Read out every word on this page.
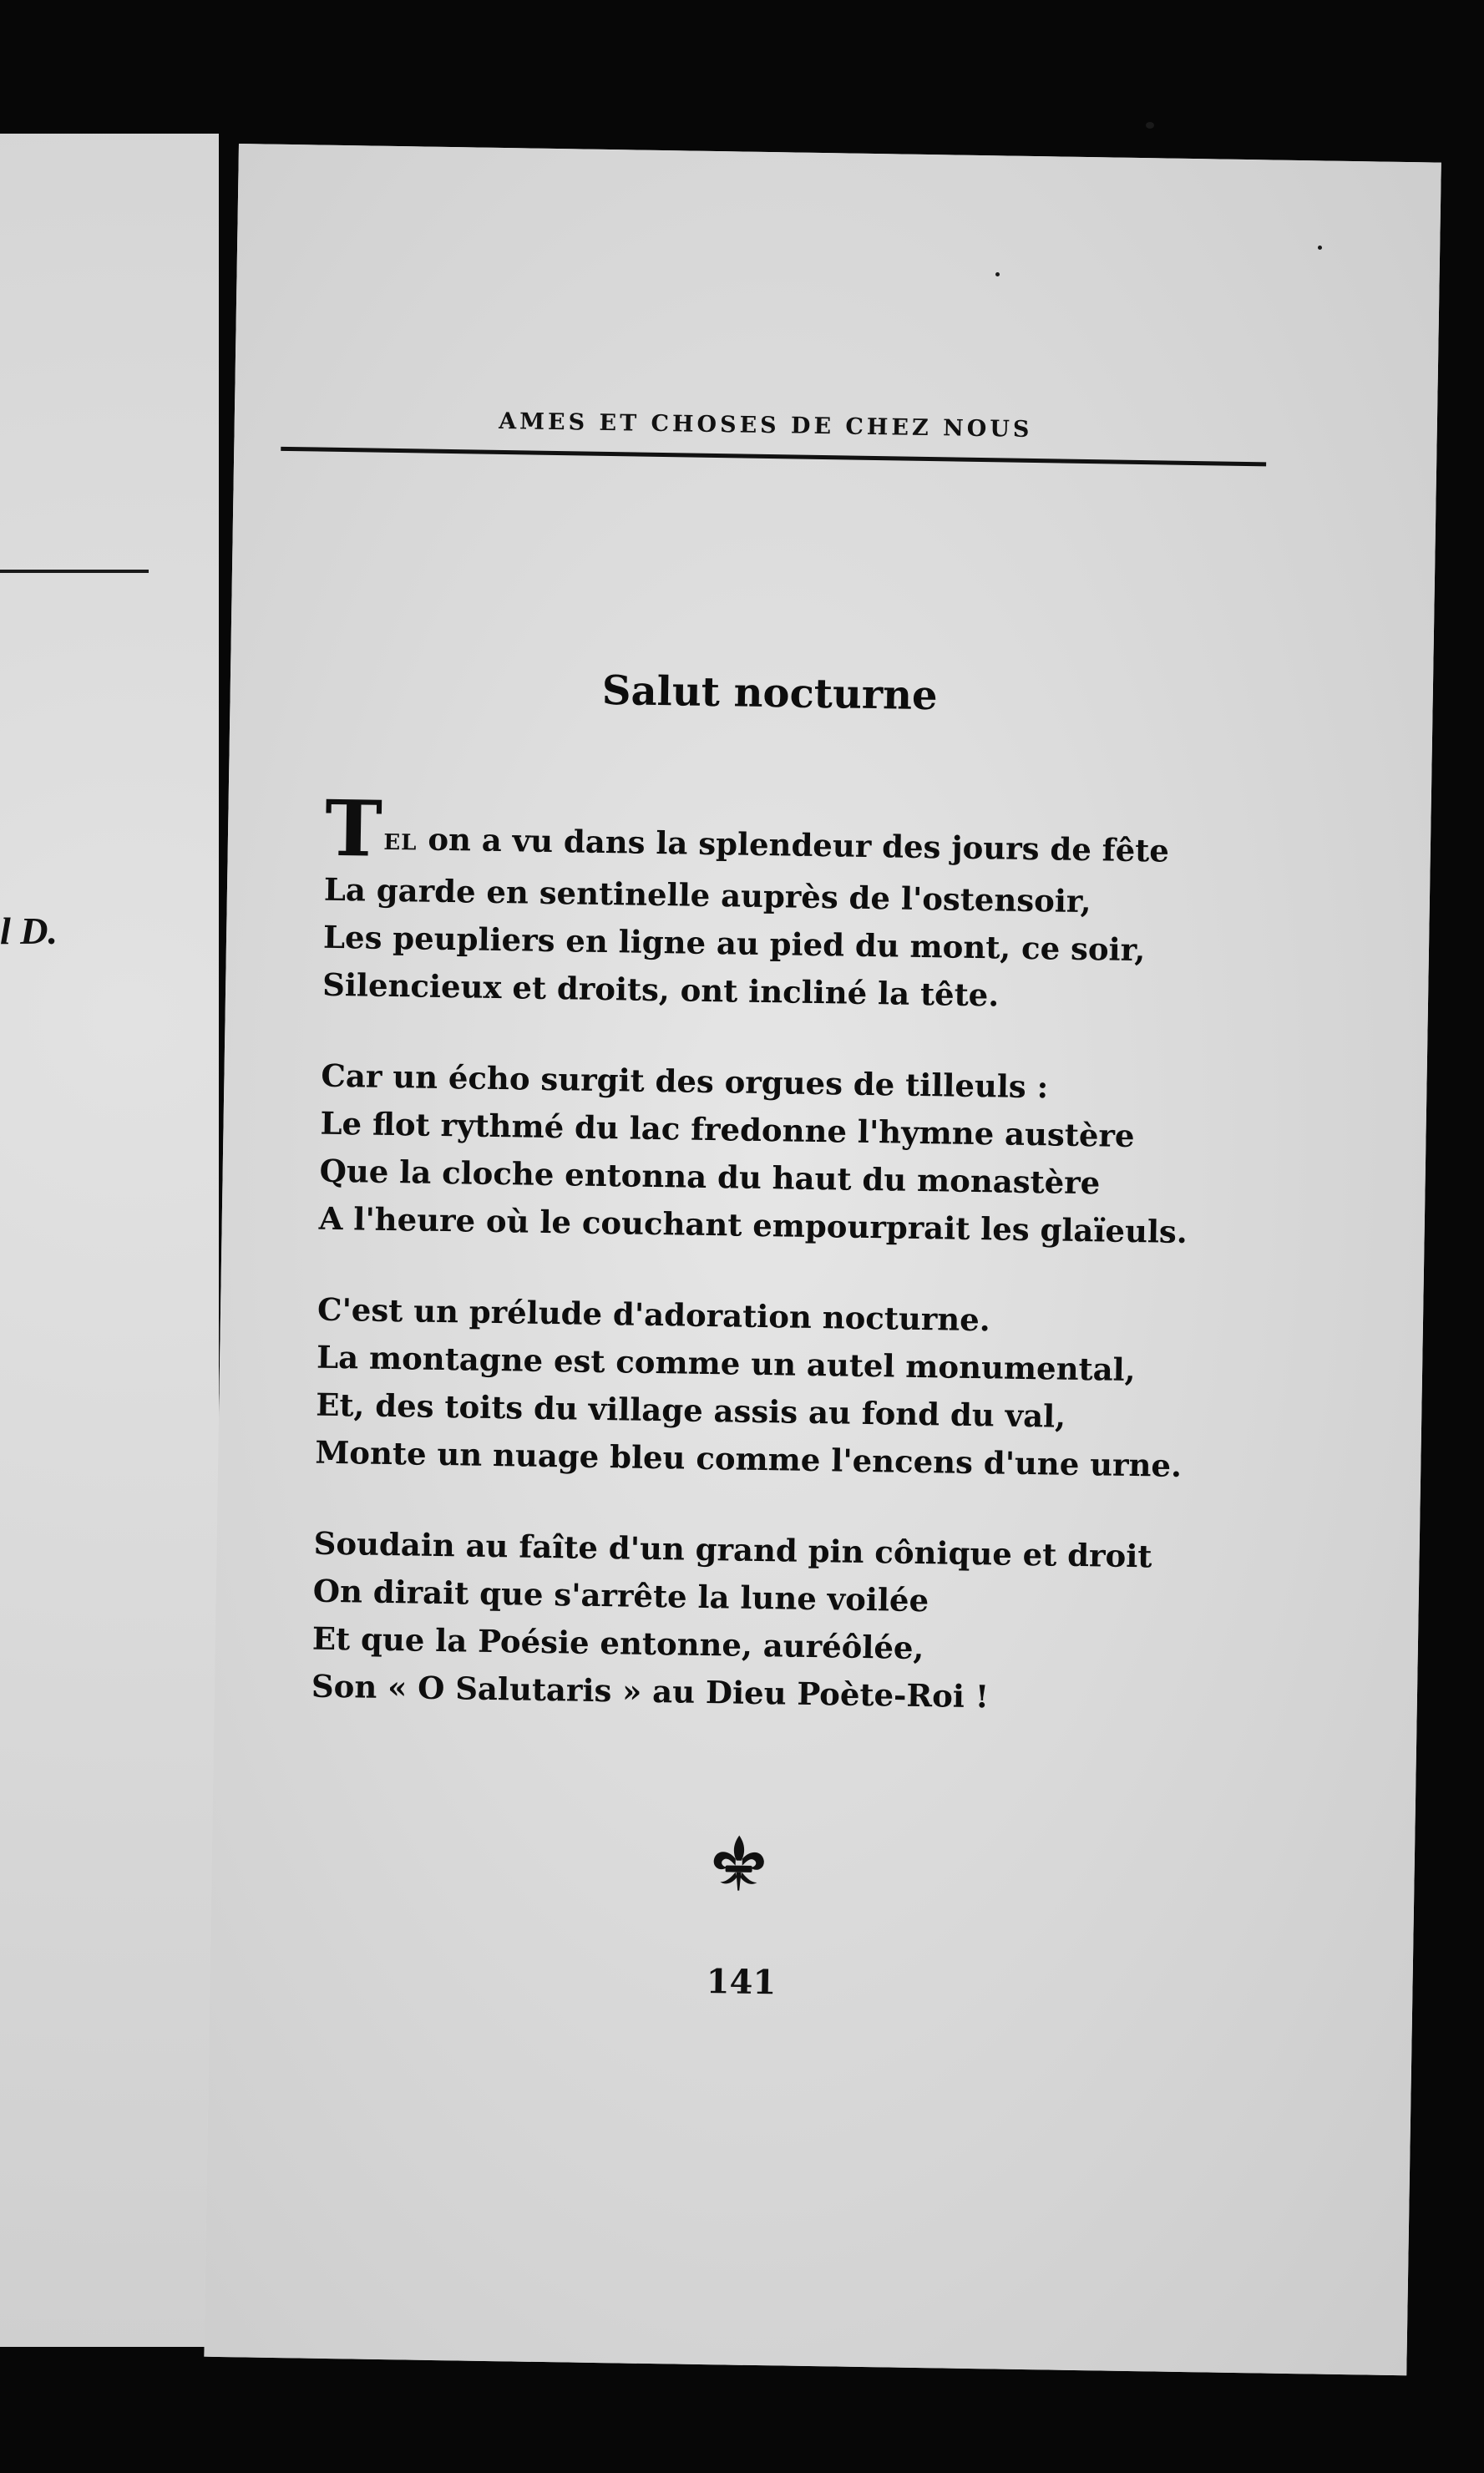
l D.
AMES ET CHOSES DE CHEZ NOUS
Salut nocturne
TEL on a vu dans la splendeur des jours de fête
La garde en sentinelle auprès de l'ostensoir,
Les peupliers en ligne au pied du mont, ce soir,
Silencieux et droits, ont incliné la tête.
Car un écho surgit des orgues de tilleuls :
Le flot rythmé du lac fredonne l'hymne austère
Que la cloche entonna du haut du monastère
A l'heure où le couchant empourprait les glaïeuls.
C'est un prélude d'adoration nocturne.
La montagne est comme un autel monumental,
Et, des toits du village assis au fond du val,
Monte un nuage bleu comme l'encens d'une urne.
Soudain au faîte d'un grand pin cônique et droit
On dirait que s'arrête la lune voilée
Et que la Poésie entonne, auréôlée,
Son « O Salutaris » au Dieu Poète-Roi !
141
